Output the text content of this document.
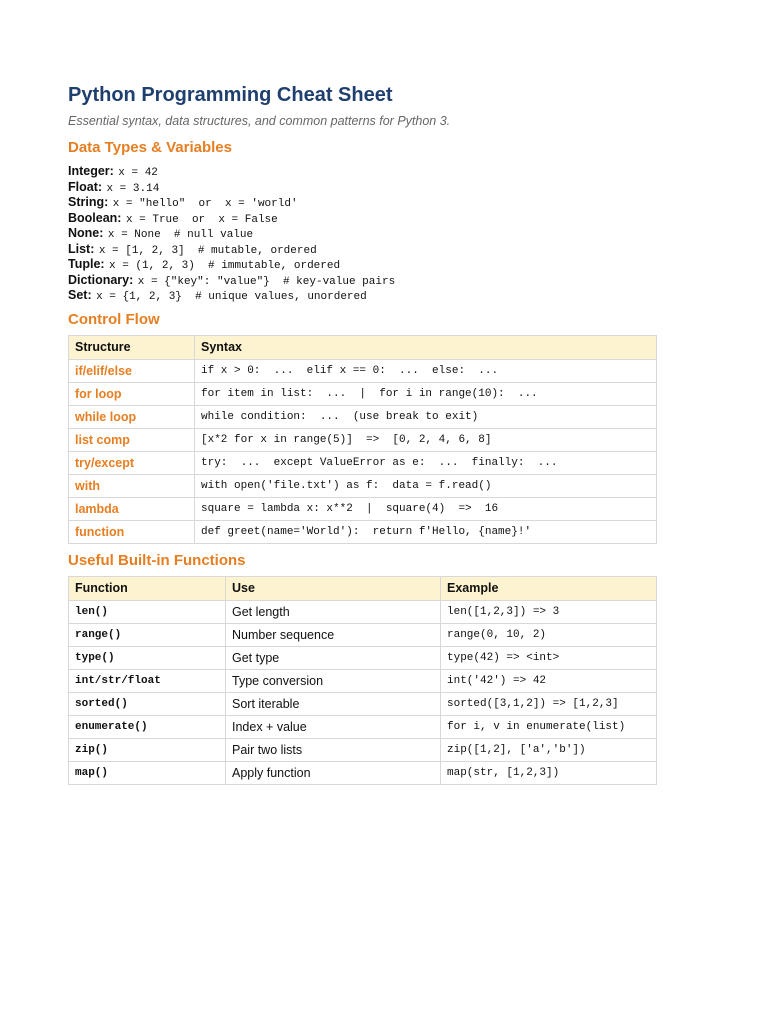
Python Programming Cheat Sheet
Essential syntax, data structures, and common patterns for Python 3.
Data Types & Variables
Integer: x = 42
Float: x = 3.14
String: x = "hello"  or  x = 'world'
Boolean: x = True  or  x = False
None: x = None  # null value
List: x = [1, 2, 3]  # mutable, ordered
Tuple: x = (1, 2, 3)  # immutable, ordered
Dictionary: x = {"key": "value"}  # key-value pairs
Set: x = {1, 2, 3}  # unique values, unordered
Control Flow
Structure	Syntax
if/elif/else	if x > 0:  ...  elif x == 0:  ...  else:  ...
for loop	for item in list:  ...  |  for i in range(10):  ...
while loop	while condition:  ...  (use break to exit)
list comp	[x*2 for x in range(5)]  =>  [0, 2, 4, 6, 8]
try/except	try:  ...  except ValueError as e:  ...  finally:  ...
with	with open('file.txt') as f:  data = f.read()
lambda	square = lambda x: x**2  |  square(4)  =>  16
function	def greet(name='World'):  return f'Hello, {name}!'
Useful Built-in Functions
Function	Use	Example
len()	Get length	len([1,2,3]) => 3
range()	Number sequence	range(0, 10, 2)
type()	Get type	type(42) => <int>
int/str/float	Type conversion	int('42') => 42
sorted()	Sort iterable	sorted([3,1,2]) => [1,2,3]
enumerate()	Index + value	for i, v in enumerate(list)
zip()	Pair two lists	zip([1,2], ['a','b'])
map()	Apply function	map(str, [1,2,3])
